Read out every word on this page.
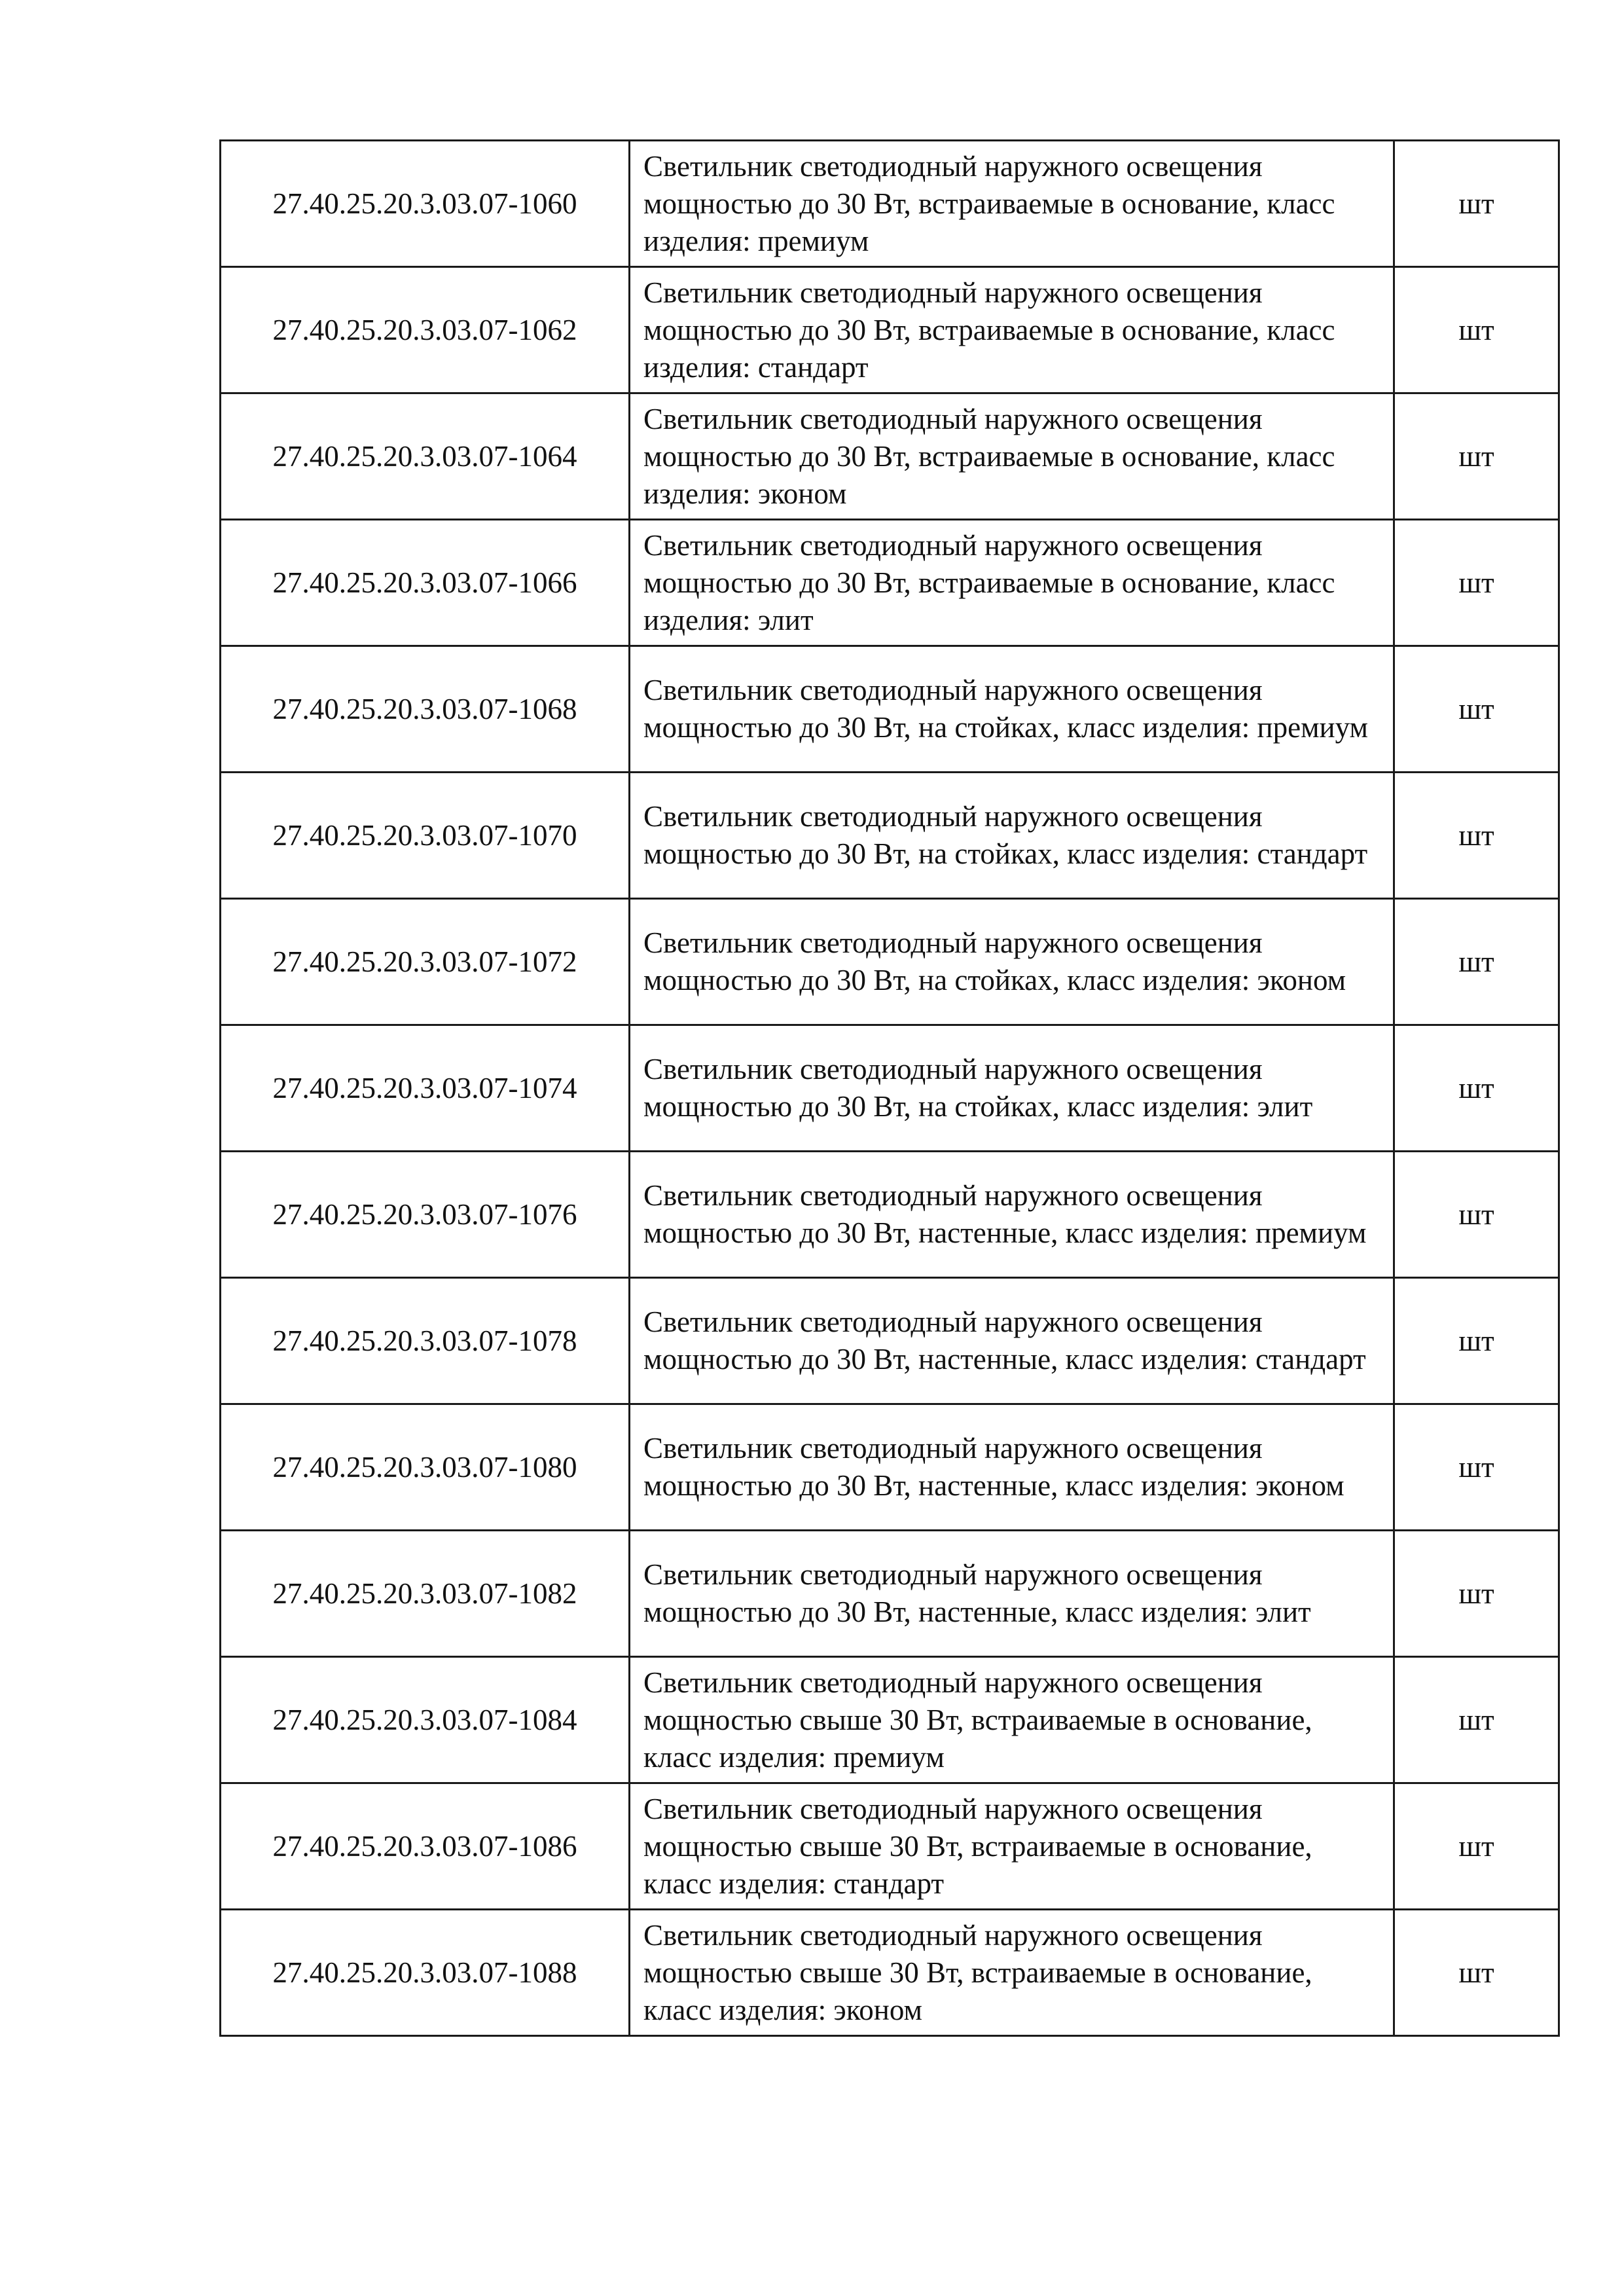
27.40.25.20.3.03.07-1060	Светильник светодиодный наружного освещения мощностью до 30 Вт, встраиваемые в основание, класс изделия: премиум	шт
27.40.25.20.3.03.07-1062	Светильник светодиодный наружного освещения мощностью до 30 Вт, встраиваемые в основание, класс изделия: стандарт	шт
27.40.25.20.3.03.07-1064	Светильник светодиодный наружного освещения мощностью до 30 Вт, встраиваемые в основание, класс изделия: эконом	шт
27.40.25.20.3.03.07-1066	Светильник светодиодный наружного освещения мощностью до 30 Вт, встраиваемые в основание, класс изделия: элит	шт
27.40.25.20.3.03.07-1068	Светильник светодиодный наружного освещения мощностью до 30 Вт, на стойках, класс изделия: премиум	шт
27.40.25.20.3.03.07-1070	Светильник светодиодный наружного освещения мощностью до 30 Вт, на стойках, класс изделия: стандарт	шт
27.40.25.20.3.03.07-1072	Светильник светодиодный наружного освещения мощностью до 30 Вт, на стойках, класс изделия: эконом	шт
27.40.25.20.3.03.07-1074	Светильник светодиодный наружного освещения мощностью до 30 Вт, на стойках, класс изделия: элит	шт
27.40.25.20.3.03.07-1076	Светильник светодиодный наружного освещения мощностью до 30 Вт, настенные, класс изделия: премиум	шт
27.40.25.20.3.03.07-1078	Светильник светодиодный наружного освещения мощностью до 30 Вт, настенные, класс изделия: стандарт	шт
27.40.25.20.3.03.07-1080	Светильник светодиодный наружного освещения мощностью до 30 Вт, настенные, класс изделия: эконом	шт
27.40.25.20.3.03.07-1082	Светильник светодиодный наружного освещения мощностью до 30 Вт, настенные, класс изделия: элит	шт
27.40.25.20.3.03.07-1084	Светильник светодиодный наружного освещения мощностью свыше 30 Вт, встраиваемые в основание, класс изделия: премиум	шт
27.40.25.20.3.03.07-1086	Светильник светодиодный наружного освещения мощностью свыше 30 Вт, встраиваемые в основание, класс изделия: стандарт	шт
27.40.25.20.3.03.07-1088	Светильник светодиодный наружного освещения мощностью свыше 30 Вт, встраиваемые в основание, класс изделия: эконом	шт
